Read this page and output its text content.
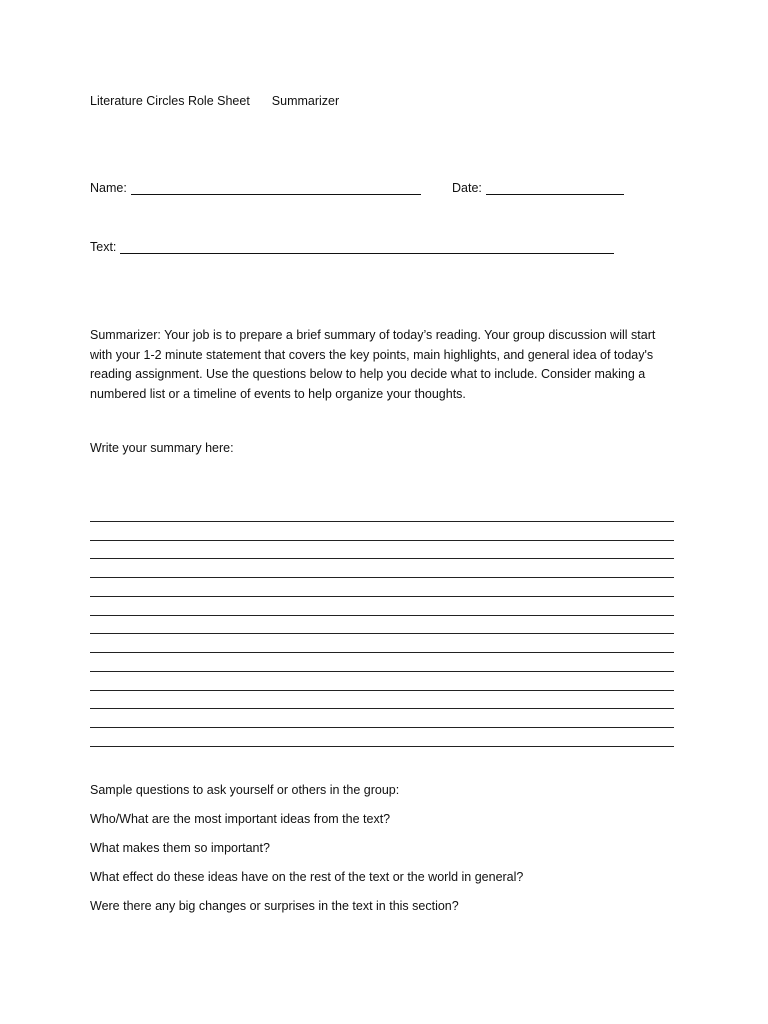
Literature Circles Role Sheet Summarizer
Name:	Date:
Text:
Summarizer: Your job is to prepare a brief summary of today’s reading. Your group discussion will start with your 1-2 minute statement that covers the key points, main highlights, and general idea of today's reading assignment. Use the questions below to help you decide what to include. Consider making a numbered list or a timeline of events to help organize your thoughts.
Write your summary here:
Sample questions to ask yourself or others in the group:
Who/What are the most important ideas from the text?
What makes them so important?
What effect do these ideas have on the rest of the text or the world in general?
Were there any big changes or surprises in the text in this section?
